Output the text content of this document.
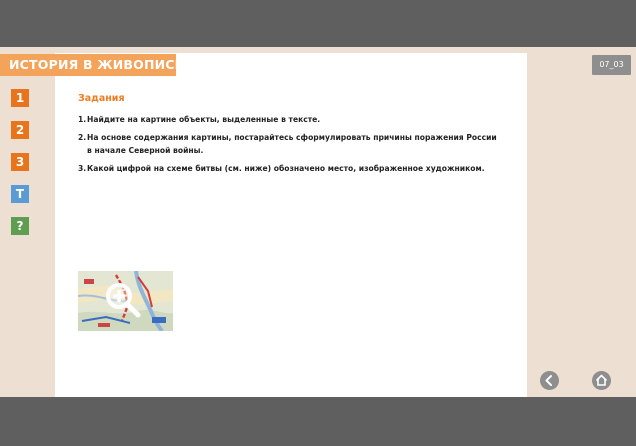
Задания
1.Найдите на картине объекты, выделенные в тексте.
2.На основе содержания картины, постарайтесь сформулировать причины поражения России
в начале Северной войны.
3.Какой цифрой на схеме битвы (см. ниже) обозначено место, изображенное художником.
ИСТОРИЯ В ЖИВОПИСИ	07_03
1
2
3
Т
?
